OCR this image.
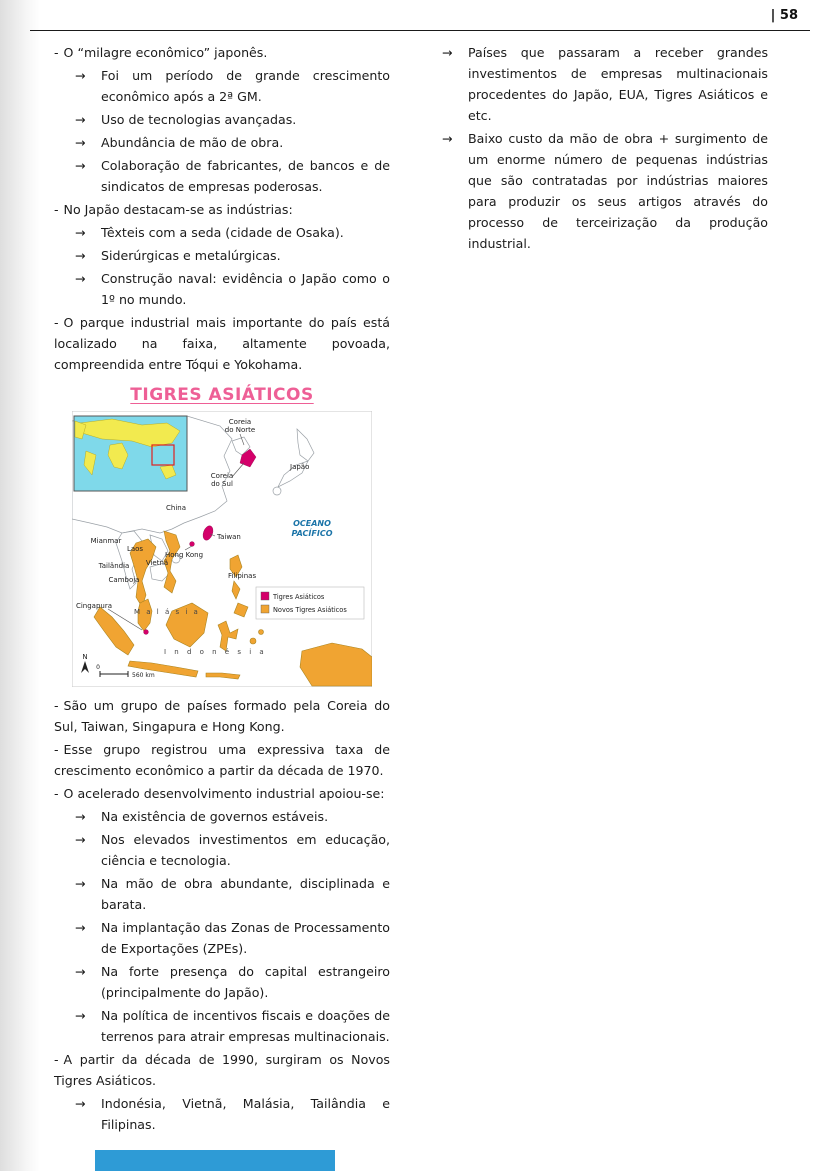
| 58

- O “milagre econômico” japonês.

→	Foi um período de grande crescimento econômico após a 2ª GM.

→	Uso de tecnologias avançadas.

→	Abundância de mão de obra.

→	Colaboração de fabricantes, de bancos e de sindicatos de empresas poderosas.

- No Japão destacam-se as indústrias:

→	Têxteis com a seda (cidade de Osaka).

→	Siderúrgicas e metalúrgicas.

→	Construção naval: evidência o Japão como o 1º no mundo.

- O parque industrial mais importante do país está localizado na faixa, altamente povoada, compreendida entre Tóqui e Yokohama.

TIGRES ASIÁTICOS
Coreia
do Norte
Japão
Coreia
do Sul
China
Taiwan
Hong Kong
Mianmar
Laos
Tailândia Vietnã
Camboja	Filipinas
Cingapura
M a l á s i a
I n d o n é s i a
OCEANO
PACÍFICO
Tigres Asiáticos
Novos Tigres Asiáticos
N
0
560 km

- São um grupo de países formado pela Coreia do Sul, Taiwan, Singapura e Hong Kong.

- Esse grupo registrou uma expressiva taxa de crescimento econômico a partir da década de 1970.

- O acelerado desenvolvimento industrial apoiou-se:

→	Na existência de governos estáveis.

→	Nos elevados investimentos em educação, ciência e tecnologia.

→	Na mão de obra abundante, disciplinada e barata.

→	Na implantação das Zonas de Processamento de Exportações (ZPEs).

→	Na forte presença do capital estrangeiro (principalmente do Japão).

→	Na política de incentivos fiscais e doações de terrenos para atrair empresas multinacionais.

- A partir da década de 1990, surgiram os Novos Tigres Asiáticos.

→	Indonésia, Vietnã, Malásia, Tailândia e Filipinas.

→	Países que passaram a receber grandes investimentos de empresas multinacionais procedentes do Japão, EUA, Tigres Asiáticos e etc.

→	Baixo custo da mão de obra + surgimento de um enorme número de pequenas indústrias que são contratadas por indústrias maiores para produzir os seus artigos através do processo de terceirização da produção industrial.
